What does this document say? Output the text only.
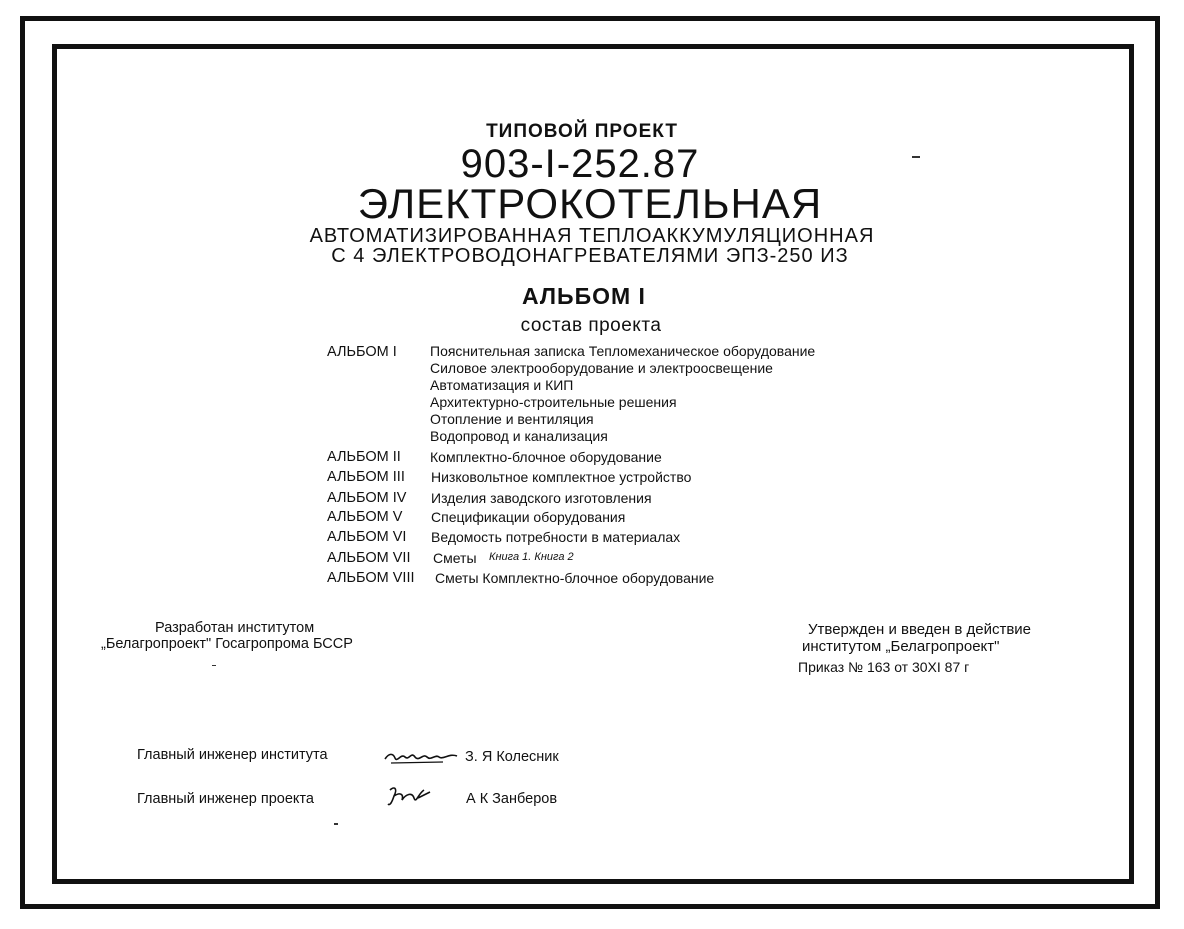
ТИПОВОЙ ПРОЕКТ
903-I-252.87
ЭЛЕКТРОКОТЕЛЬНАЯ
АВТОМАТИЗИРОВАННАЯ ТЕПЛОАККУМУЛЯЦИОННАЯ
С 4 ЭЛЕКТРОВОДОНАГРЕВАТЕЛЯМИ ЭПЗ-250 ИЗ
АЛЬБОМ I
состав проекта
АЛЬБОМ I Пояснительная записка Тепломеханическое оборудование
Силовое электрооборудование и электроосвещение
Автоматизация и КИП
Архитектурно-строительные решения
Отопление и вентиляция
Водопровод и канализация
АЛЬБОМ II Комплектно-блочное оборудование
АЛЬБОМ III Низковольтное комплектное устройство
АЛЬБОМ IV Изделия заводского изготовления
АЛЬБОМ V Спецификации оборудования
АЛЬБОМ VI Ведомость потребности в материалах
АЛЬБОМ VII Сметы Книга 1. Книга 2
АЛЬБОМ VIII Сметы Комплектно-блочное оборудование
Разработан институтом
„Белагропроект" Госагропрома БССР
Утвержден и введен в действие
институтом „Белагропроект"
Приказ № 163 от 30XI 87 г
Главный инженер института	З. Я Колесник
Главный инженер проекта	А К Занберов
